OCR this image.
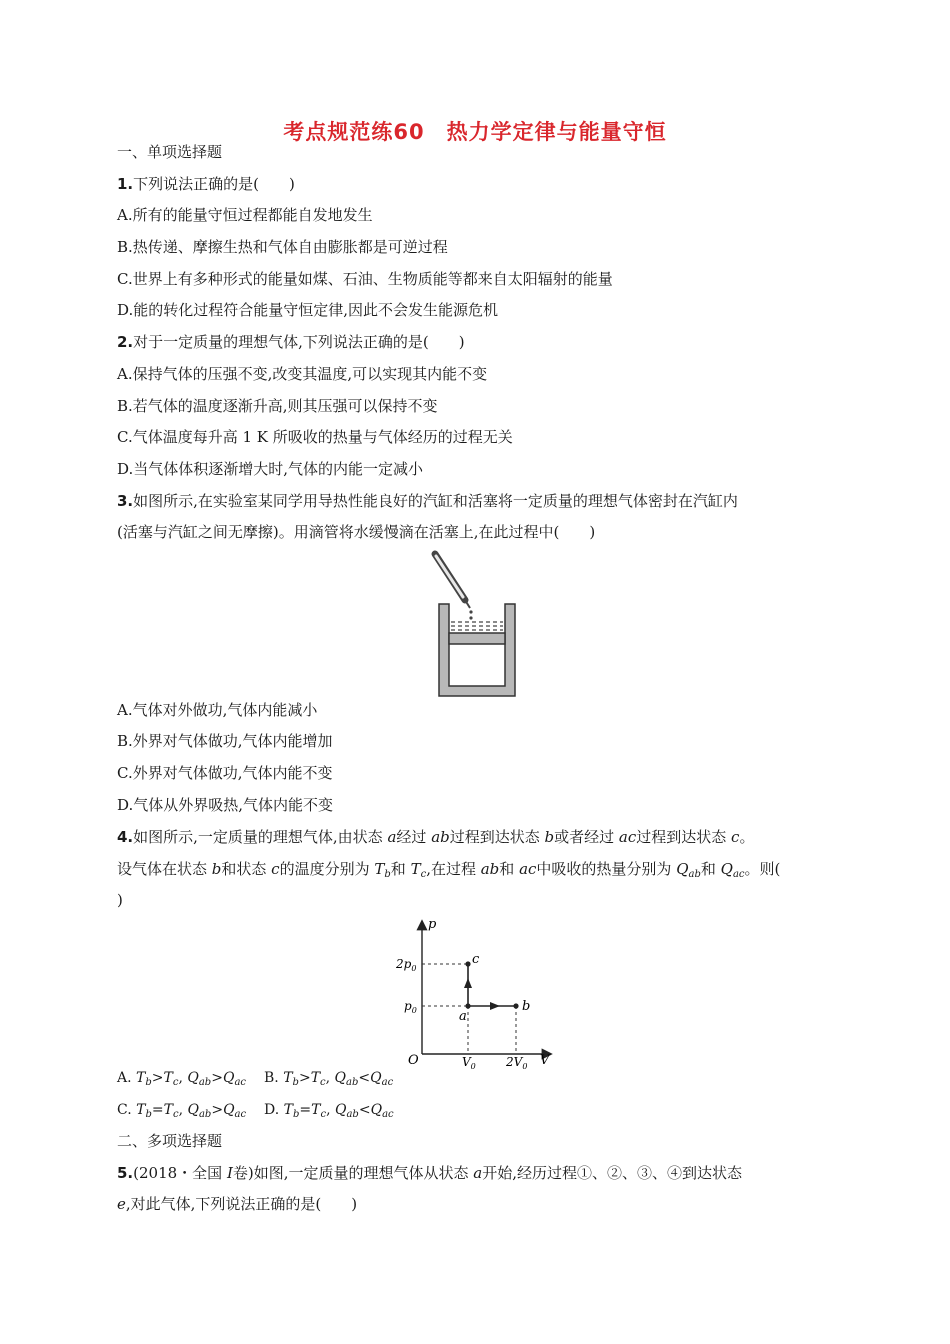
考点规范练60　热力学定律与能量守恒
一、单项选择题
1.下列说法正确的是(　　)
A.所有的能量守恒过程都能自发地发生
B.热传递、摩擦生热和气体自由膨胀都是可逆过程
C.世界上有多种形式的能量如煤、石油、生物质能等都来自太阳辐射的能量
D.能的转化过程符合能量守恒定律,因此不会发生能源危机
2.对于一定质量的理想气体,下列说法正确的是(　　)
A.保持气体的压强不变,改变其温度,可以实现其内能不变
B.若气体的温度逐渐升高,则其压强可以保持不变
C.气体温度每升高 1 K 所吸收的热量与气体经历的过程无关
D.当气体体积逐渐增大时,气体的内能一定减小
3.如图所示,在实验室某同学用导热性能良好的汽缸和活塞将一定质量的理想气体密封在汽缸内
(活塞与汽缸之间无摩擦)。用滴管将水缓慢滴在活塞上,在此过程中(　　)
A.气体对外做功,气体内能减小
B.外界对气体做功,气体内能增加
C.外界对气体做功,气体内能不变
D.气体从外界吸热,气体内能不变
4.如图所示,一定质量的理想气体,由状态 a经过 ab过程到达状态 b或者经过 ac过程到达状态 c。
设气体在状态 b和状态 c的温度分别为 $T_b$和 $T_c$,在过程 ab和 ac中吸收的热量分别为 $Q_{ab}$和 $Q_{ac}$。则(
)
p
V
O
$2p_0$
$p_0$
$V_0$	$2V_0$
a
b
c
A. $T_b>T_c$, $Q_{ab}>Q_{ac}$ B. $T_b>T_c$, $Q_{ab}<Q_{ac}$
C. $T_b=T_c$, $Q_{ab}>Q_{ac}$ D. $T_b=T_c$, $Q_{ab}<Q_{ac}$
二、多项选择题
5.(2018・全国 Ⅰ卷)如图,一定质量的理想气体从状态 a开始,经历过程①、②、③、④到达状态
e,对此气体,下列说法正确的是(　　)
